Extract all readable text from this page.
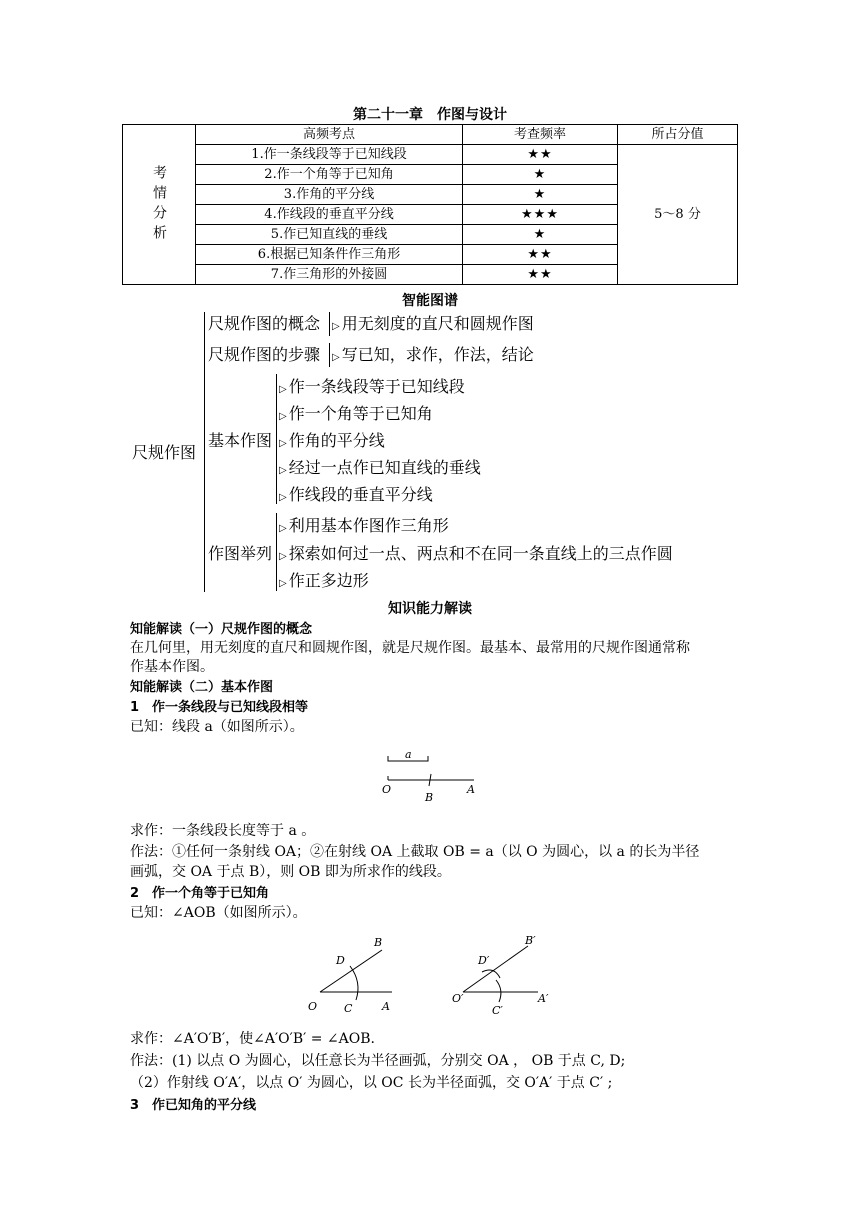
第二十一章　作图与设计
考情分析	高频考点	考查频率	所占分值
	1.作一条线段等于已知线段	★★	5～8 分
	2.作一个角等于已知角	★	
	3.作角的平分线	★	
	4.作线段的垂直平分线	★★★	
	5.作已知直线的垂线	★	
	6.根据已知条件作三角形	★★	
	7.作三角形的外接圆	★★	
智能图谱
尺规作图
尺规作图的概念 ▷ 用无刻度的直尺和圆规作图
尺规作图的步骤 ▷ 写已知，求作，作法，结论
基本作图
▷ 作一条线段等于已知线段
▷ 作一个角等于已知角
▷ 作角的平分线
▷ 经过一点作已知直线的垂线
▷ 作线段的垂直平分线
作图举列
▷ 利用基本作图作三角形
▷ 探索如何过一点、两点和不在同一条直线上的三点作圆
▷ 作正多边形
知识能力解读
知能解读（一）尺规作图的概念
在几何里，用无刻度的直尺和圆规作图，就是尺规作图。最基本、最常用的尺规作图通常称
作基本作图。
知能解读（二）基本作图
1　作一条线段与已知线段相等
已知：线段 a（如图所示）。
a
O
B
A
求作：一条线段长度等于 a 。
作法：①任何一条射线 OA；②在射线 OA 上截取 OB = a（以 O 为圆心，以 a 的长为半径
画弧，交 OA 于点 B），则 OB 即为所求作的线段。
2　作一个角等于已知角
已知：∠AOB（如图所示）。
B
D
O C	A
B′
D′
O′
C′
A′
求作：∠A′O′B′，使∠A′O′B′ = ∠AOB.
作法：(1) 以点 O 为圆心，以任意长为半径画弧，分别交 OA ， OB 于点 C, D;
（2）作射线 O′A′，以点 O′ 为圆心，以 OC 长为半径面弧，交 O′A′ 于点 C′ ;
3　作已知角的平分线
